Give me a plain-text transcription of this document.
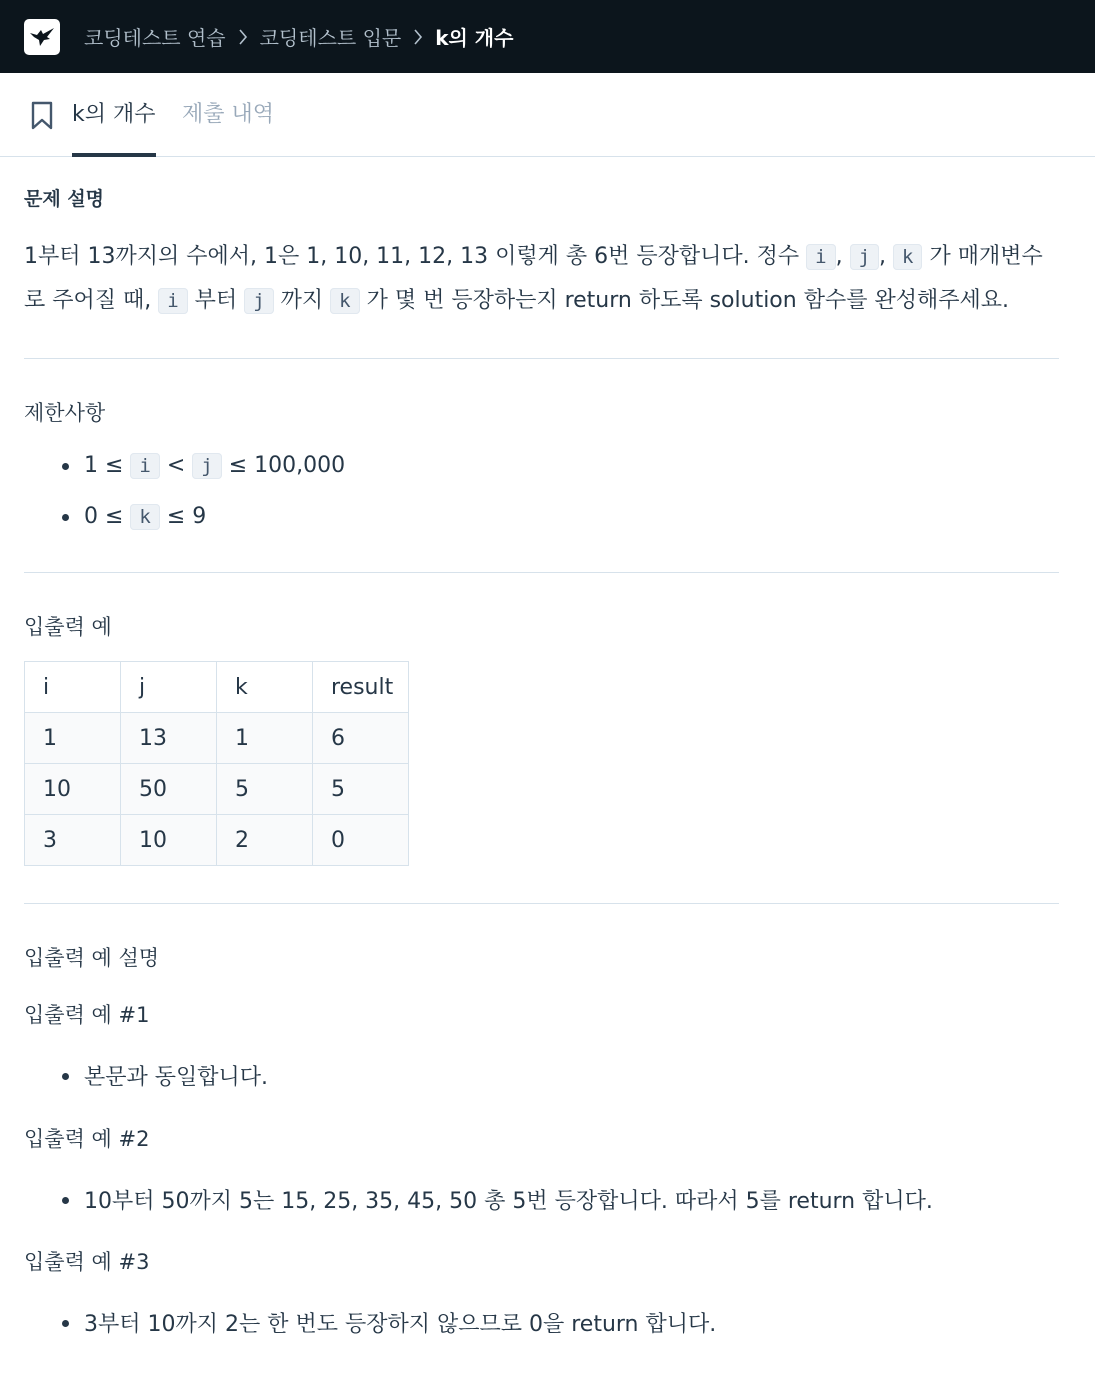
코딩테스트 연습 코딩테스트 입문 k의 개수
k의 개수 제출 내역
문제 설명
1부터 13까지의 수에서, 1은 1, 10, 11, 12, 13 이렇게 총 6번 등장합니다. 정수 i , j , k 가 매개변수로 주어질 때, i 부터 j 까지 k 가 몇 번 등장하는지 return 하도록 solution 함수를 완성해주세요.
제한사항
1 ≤ i < j ≤ 100,000
0 ≤ k ≤ 9
입출력 예
i	j	k	result
1	13	1	6
10	50	5	5
3	10	2	0
입출력 예 설명
입출력 예 #1
본문과 동일합니다.
입출력 예 #2
10부터 50까지 5는 15, 25, 35, 45, 50 총 5번 등장합니다. 따라서 5를 return 합니다.
입출력 예 #3
3부터 10까지 2는 한 번도 등장하지 않으므로 0을 return 합니다.
